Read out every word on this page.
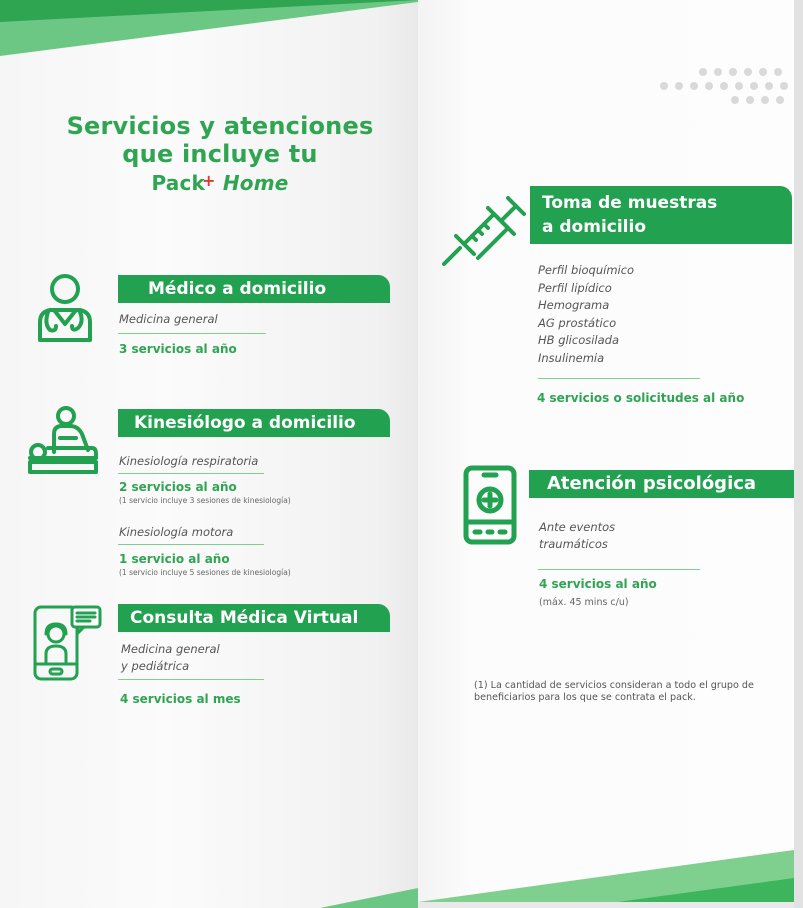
Servicios y atenciones
que incluye tu
Pack+ Home
Médico a domicilio
Medicina general
3 servicios al año
Kinesiólogo a domicilio
Kinesiología respiratoria
2 servicios al año
(1 servicio incluye 3 sesiones de kinesiología)
Kinesiología motora
1 servicio al año
(1 servicio incluye 5 sesiones de kinesiología)
Consulta Médica Virtual
Medicina general
y pediátrica
4 servicios al mes
Toma de muestras
a domicilio
Perfil bioquímico
Perfil lipídico
Hemograma
AG prostático
HB glicosilada
Insulinemia
4 servicios o solicitudes al año
Atención psicológica
Ante eventos
traumáticos
4 servicios al año
(máx. 45 mins c/u)
(1) La cantidad de servicios consideran a todo el grupo de beneficiarios para los que se contrata el pack.
